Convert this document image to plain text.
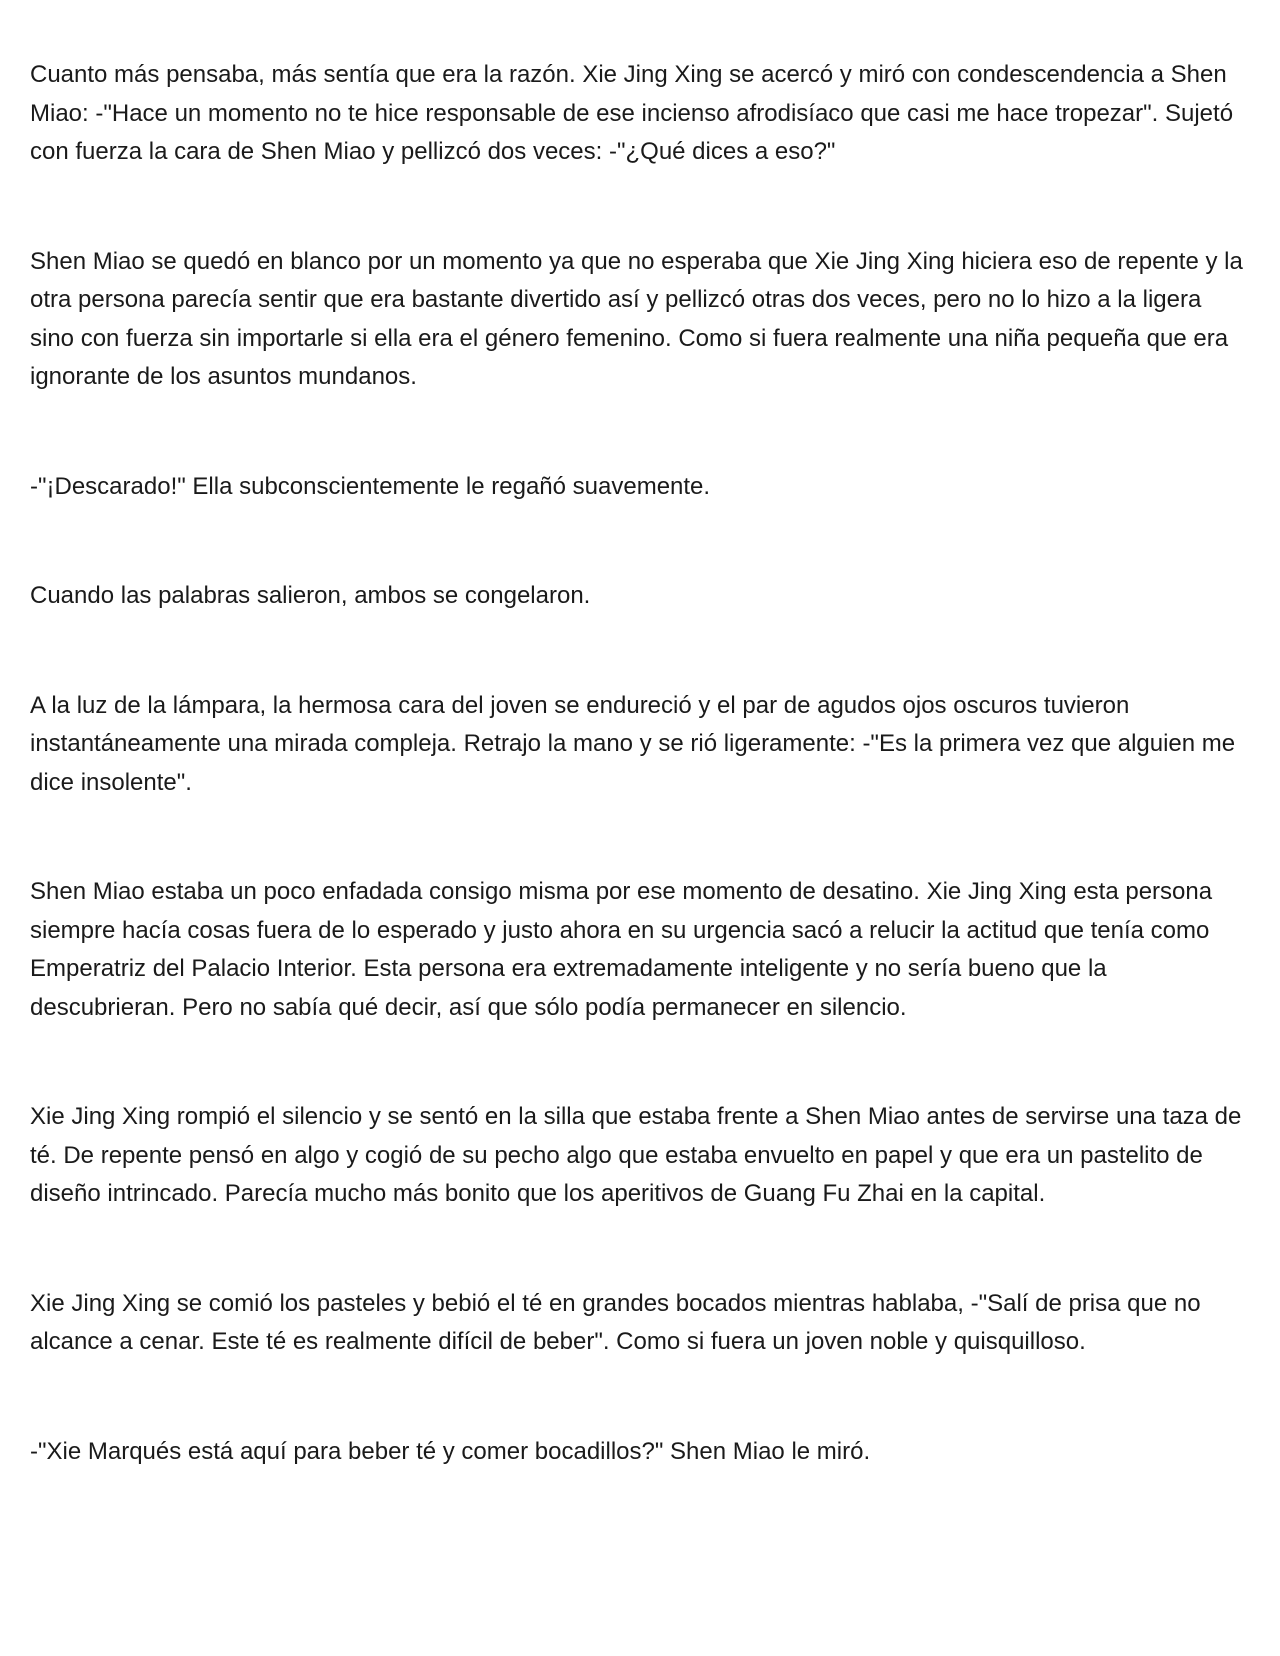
Cuanto más pensaba, más sentía que era la razón. Xie Jing Xing se acercó y miró con condescendencia a Shen Miao: -"Hace un momento no te hice responsable de ese incienso afrodisíaco que casi me hace tropezar". Sujetó con fuerza la cara de Shen Miao y pellizcó dos veces: -"¿Qué dices a eso?"

Shen Miao se quedó en blanco por un momento ya que no esperaba que Xie Jing Xing hiciera eso de repente y la otra persona parecía sentir que era bastante divertido así y pellizcó otras dos veces, pero no lo hizo a la ligera sino con fuerza sin importarle si ella era el género femenino. Como si fuera realmente una niña pequeña que era ignorante de los asuntos mundanos.

-"¡Descarado!" Ella subconscientemente le regañó suavemente.

Cuando las palabras salieron, ambos se congelaron.

A la luz de la lámpara, la hermosa cara del joven se endureció y el par de agudos ojos oscuros tuvieron instantáneamente una mirada compleja. Retrajo la mano y se rió ligeramente: -"Es la primera vez que alguien me dice insolente".

Shen Miao estaba un poco enfadada consigo misma por ese momento de desatino. Xie Jing Xing esta persona siempre hacía cosas fuera de lo esperado y justo ahora en su urgencia sacó a relucir la actitud que tenía como Emperatriz del Palacio Interior. Esta persona era extremadamente inteligente y no sería bueno que la descubrieran. Pero no sabía qué decir, así que sólo podía permanecer en silencio.

Xie Jing Xing rompió el silencio y se sentó en la silla que estaba frente a Shen Miao antes de servirse una taza de té. De repente pensó en algo y cogió de su pecho algo que estaba envuelto en papel y que era un pastelito de diseño intrincado. Parecía mucho más bonito que los aperitivos de Guang Fu Zhai en la capital.

Xie Jing Xing se comió los pasteles y bebió el té en grandes bocados mientras hablaba, -"Salí de prisa que no alcance a cenar. Este té es realmente difícil de beber". Como si fuera un joven noble y quisquilloso.

-"Xie Marqués está aquí para beber té y comer bocadillos?" Shen Miao le miró.
